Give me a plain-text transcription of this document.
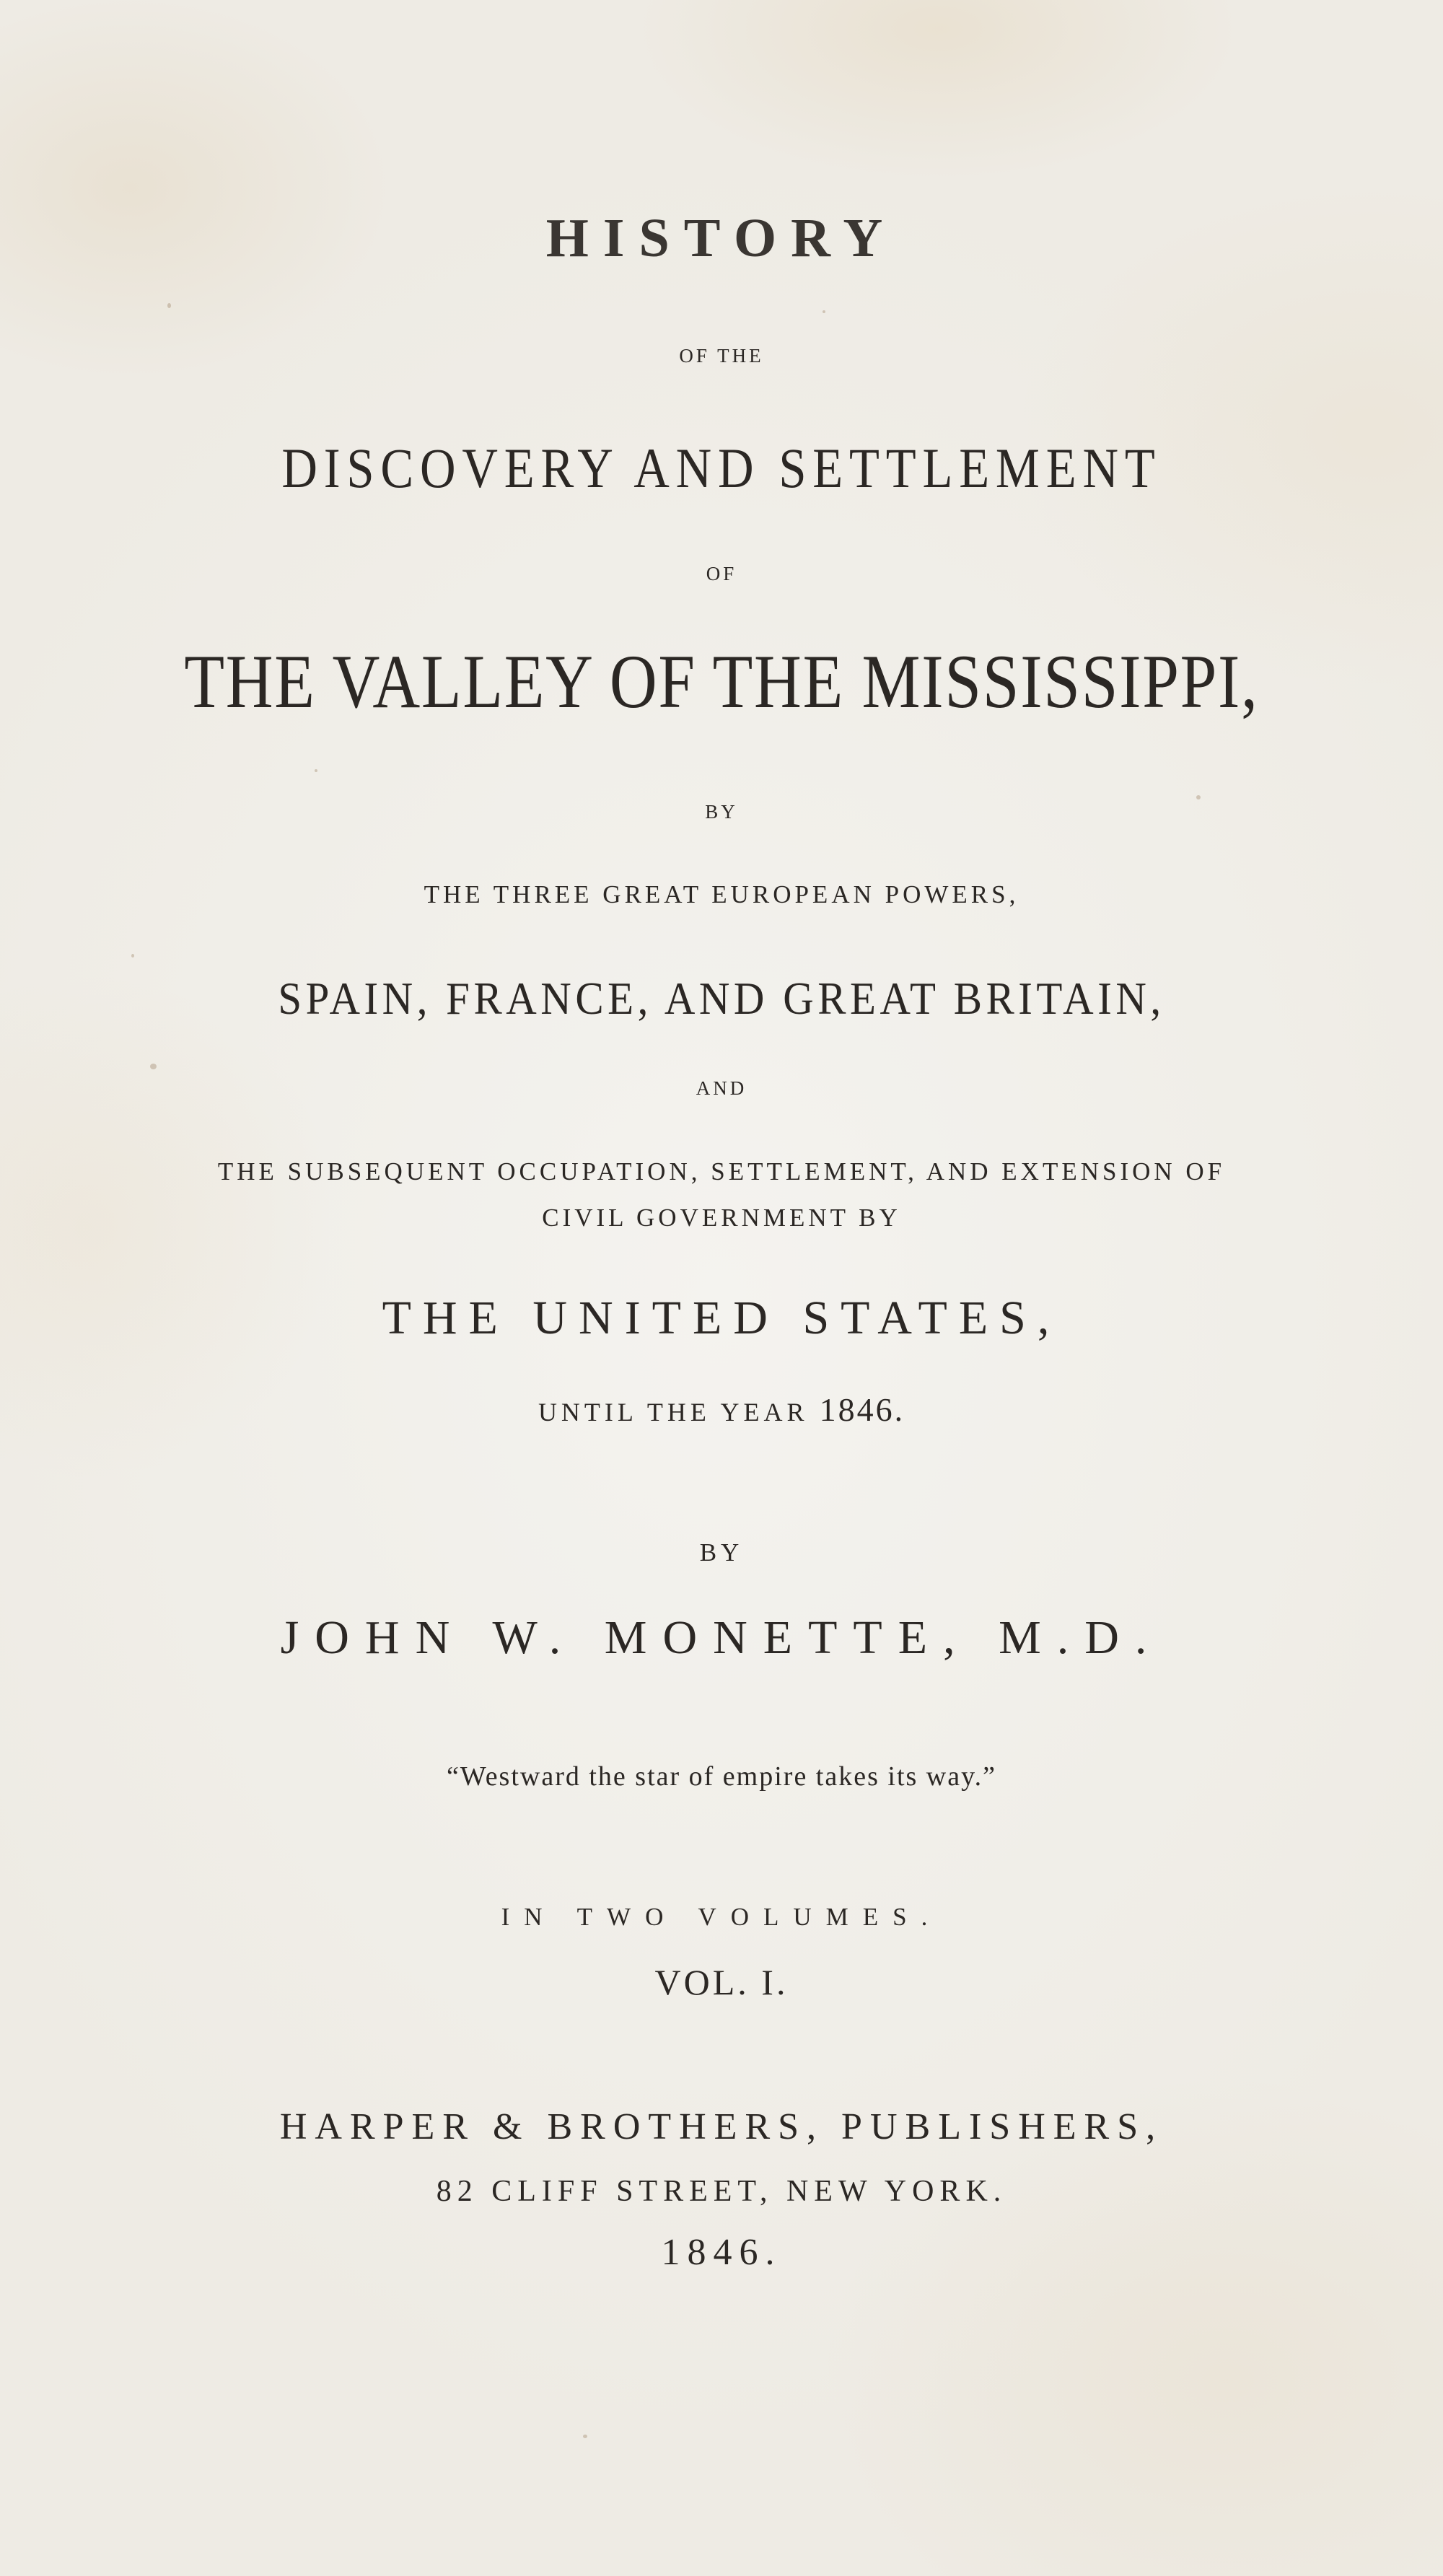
HISTORY

OF THE

DISCOVERY AND SETTLEMENT

OF

THE VALLEY OF THE MISSISSIPPI,

BY

THE THREE GREAT EUROPEAN POWERS,

SPAIN, FRANCE, AND GREAT BRITAIN,

AND

THE SUBSEQUENT OCCUPATION, SETTLEMENT, AND EXTENSION OF

CIVIL GOVERNMENT BY

THE UNITED STATES,

UNTIL THE YEAR 1846.

BY

JOHN W. MONETTE, M.D.

“Westward the star of empire takes its way.”

IN TWO VOLUMES.

VOL. I.

HARPER & BROTHERS, PUBLISHERS,

82 CLIFF STREET, NEW YORK.

1846.
